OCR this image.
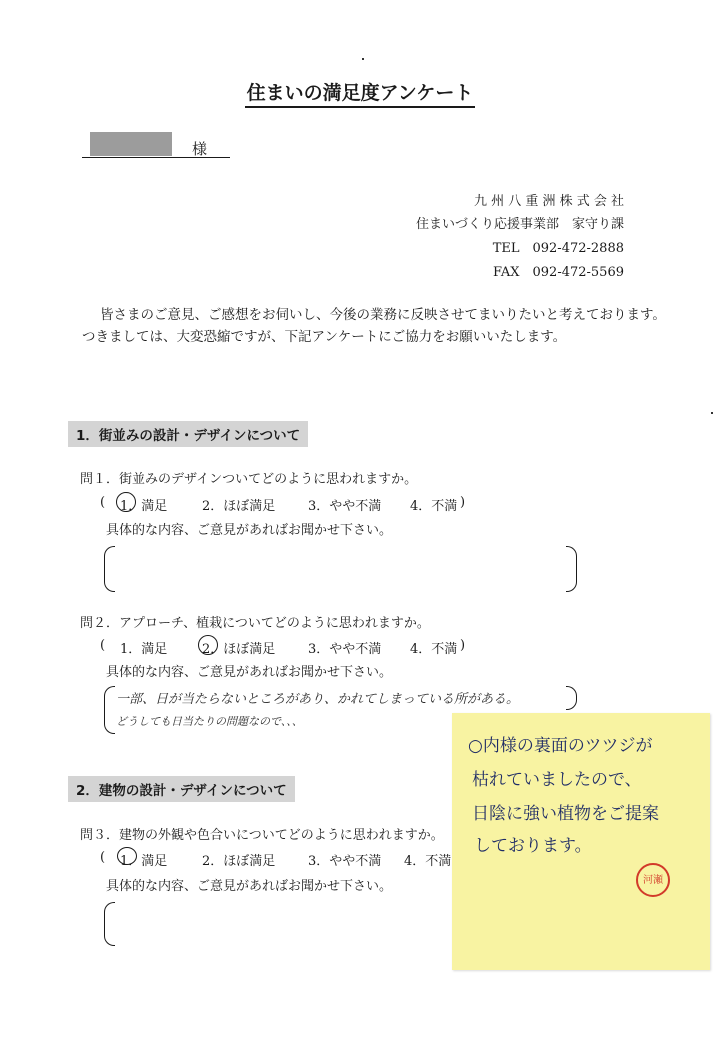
住まいの満足度アンケート
様
九 州 八 重 洲 株 式 会 社
住まいづくり応援事業部　家守り課
TEL　092-472-2888
FAX　092-472-5569
皆さまのご意見、ご感想をお伺いし、今後の業務に反映させてまいりたいと考えております。
つきましては、大変恐縮ですが、下記アンケートにご協力をお願いいたします。
1．街並みの設計・デザインについて
問１．街並みのデザインついてどのように思われますか。
( 1．満足	2．ほぼ満足	3．やや不満 4．不満 )
具体的な内容、ご意見があればお聞かせ下さい。
問２．アプローチ、植栽についてどのように思われますか。
( 1．満足	2．ほぼ満足	3．やや不満 4．不満 )
具体的な内容、ご意見があればお聞かせ下さい。
一部、日が当たらないところがあり、かれてしまっている所がある。
どうしても日当たりの問題なので、、、
2．建物の設計・デザインについて
問３．建物の外観や色合いについてどのように思われますか。
( 1．満足	2．ほぼ満足	3．やや不満 4．不満
具体的な内容、ご意見があればお聞かせ下さい。
○内様の裏面のツツジが
枯れていましたので、
日陰に強い植物をご提案
しております。
河瀬
